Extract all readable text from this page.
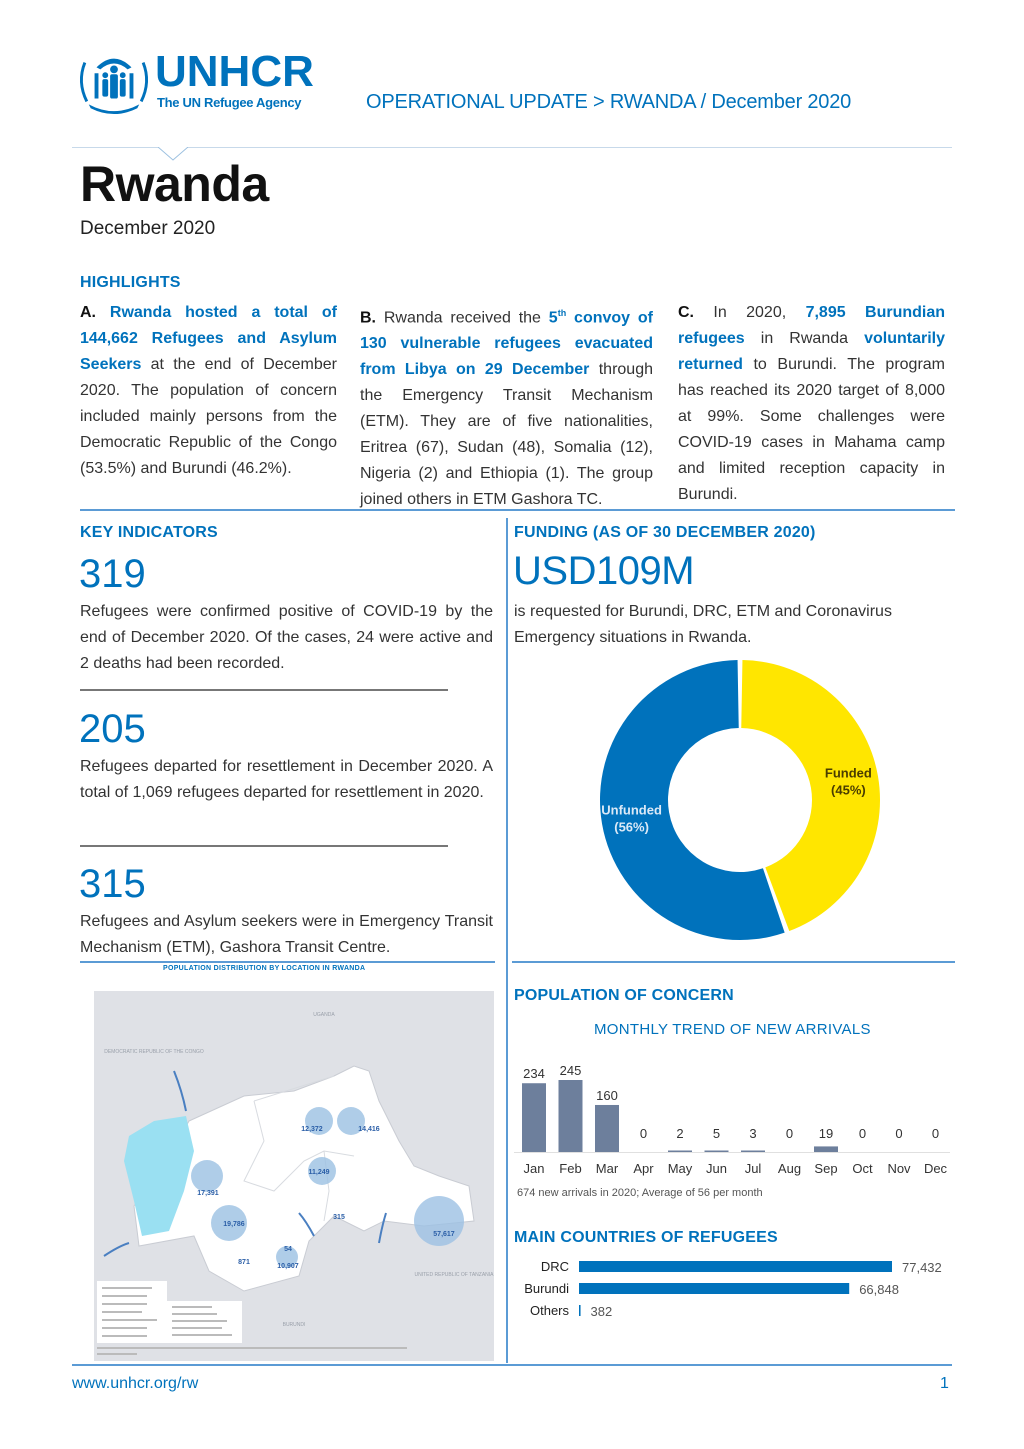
UNHCR
The UN Refugee Agency	OPERATIONAL UPDATE > RWANDA / December 2020
Rwanda
December 2020
HIGHLIGHTS
A. Rwanda hosted a total of 144,662 Refugees and Asylum Seekers at the end of December 2020. The population of concern included mainly persons from the Democratic Republic of the Congo (53.5%) and Burundi (46.2%).
B. Rwanda received the 5th convoy of 130 vulnerable refugees evacuated from Libya on 29 December through the Emergency Transit Mechanism (ETM). They are of five nationalities, Eritrea (67), Sudan (48), Somalia (12), Nigeria (2) and Ethiopia (1). The group joined others in ETM Gashora TC.
C. In 2020, 7,895 Burundian refugees in Rwanda voluntarily returned to Burundi. The program has reached its 2020 target of 8,000 at 99%. Some challenges were COVID-19 cases in Mahama camp and limited reception capacity in Burundi.
KEY INDICATORS
319
Refugees were confirmed positive of COVID-19 by the end of December 2020. Of the cases, 24 were active and 2 deaths had been recorded.
205
Refugees departed for resettlement in December 2020. A total of 1,069 refugees departed for resettlement in 2020.
315
Refugees and Asylum seekers were in Emergency Transit Mechanism (ETM), Gashora Transit Centre.
FUNDING (AS OF 30 DECEMBER 2020)
USD109M
is requested for Burundi, DRC, ETM and Coronavirus Emergency situations in Rwanda.
Funded
(45%)
Unfunded
(56%)
POPULATION OF CONCERN
MONTHLY TREND OF NEW ARRIVALS
234
Jan
245
Feb
160
Mar
0
Apr
2
May
5
Jun
3
Jul
0
Aug
19
Sep
0
Oct
0
Nov
0
Dec
674 new arrivals in 2020; Average of 56 per month
MAIN COUNTRIES OF REFUGEES
DRC	77,432
Burundi	66,848
Others 382
POPULATION DISTRIBUTION BY LOCATION IN RWANDA
12,372	14,416
11,249
17,391
19,786
54
871
10,907
315
57,617
UGANDA
DEMOCRATIC REPUBLIC OF THE CONGO
UNITED REPUBLIC OF TANZANIA
BURUNDI
www.unhcr.org/rw	1
